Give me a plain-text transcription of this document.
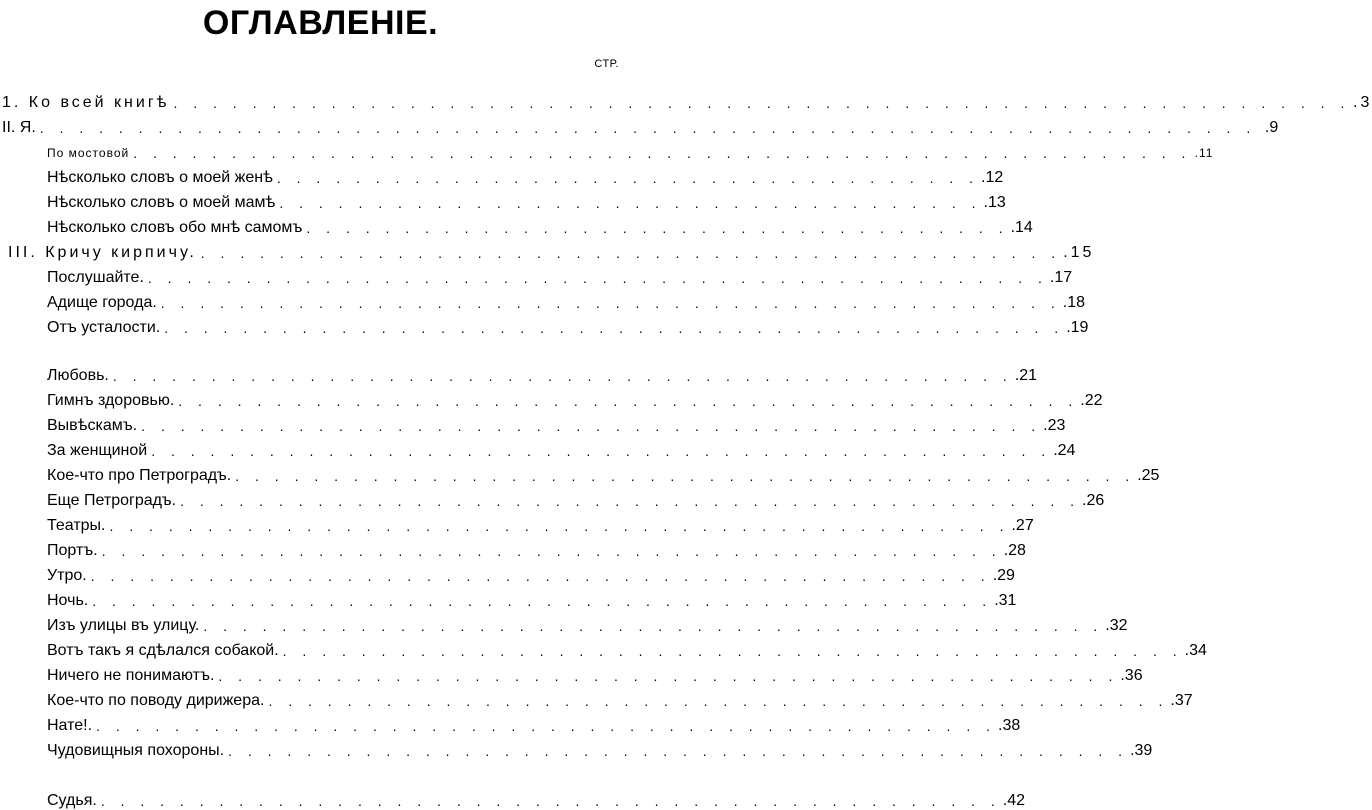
ОГЛАВЛЕНІЕ.
СТР.
1. Ко всей книгѣ . . . . . . . . . . . . . . . . . . . . . . . . . . . . . . . . . . . . . . . . . . . . . . . . . . . . . . . . . . . . .3
II. Я. . . . . . . . . . . . . . . . . . . . . . . . . . . . . . . . . . . . . . . . . . . . . . . . . . . . . . . . . . . . . . . .9
По мостовой . . . . . . . . . . . . . . . . . . . . . . . . . . . . . . . . . . . . . . . . . . . . . . . . . . . . . . .11
Нѣсколько словъ о моей женѣ . . . . . . . . . . . . . . . . . . . . . . . . . . . . . . . . . . . . .12
Нѣсколько словъ о моей мамѣ . . . . . . . . . . . . . . . . . . . . . . . . . . . . . . . . . . . . .13
Нѣсколько словъ обо мнѣ самомъ . . . . . . . . . . . . . . . . . . . . . . . . . . . . . . . . . . . . .14
III. Кричу кирпичу. . . . . . . . . . . . . . . . . . . . . . . . . . . . . . . . . . . . . . . . . . . . . .15
Послушайте. . . . . . . . . . . . . . . . . . . . . . . . . . . . . . . . . . . . . . . . . . . . . . . .17
Адище города. . . . . . . . . . . . . . . . . . . . . . . . . . . . . . . . . . . . . . . . . . . . . . . .18
Отъ усталости. . . . . . . . . . . . . . . . . . . . . . . . . . . . . . . . . . . . . . . . . . . . . . . .19
Любовь. . . . . . . . . . . . . . . . . . . . . . . . . . . . . . . . . . . . . . . . . . . . . . . .21
Гимнъ здоровью. . . . . . . . . . . . . . . . . . . . . . . . . . . . . . . . . . . . . . . . . . . . . . . .22
Вывѣскамъ. . . . . . . . . . . . . . . . . . . . . . . . . . . . . . . . . . . . . . . . . . . . . . . .23
За женщиной . . . . . . . . . . . . . . . . . . . . . . . . . . . . . . . . . . . . . . . . . . . . . . .24
Кое-что про Петроградъ. . . . . . . . . . . . . . . . . . . . . . . . . . . . . . . . . . . . . . . . . . . . . . . .25
Еще Петроградъ. . . . . . . . . . . . . . . . . . . . . . . . . . . . . . . . . . . . . . . . . . . . . . . .26
Театры. . . . . . . . . . . . . . . . . . . . . . . . . . . . . . . . . . . . . . . . . . . . . . . .27
Портъ. . . . . . . . . . . . . . . . . . . . . . . . . . . . . . . . . . . . . . . . . . . . . . . .28
Утро. . . . . . . . . . . . . . . . . . . . . . . . . . . . . . . . . . . . . . . . . . . . . . . .29
Ночь. . . . . . . . . . . . . . . . . . . . . . . . . . . . . . . . . . . . . . . . . . . . . . . .31
Изъ улицы въ улицу. . . . . . . . . . . . . . . . . . . . . . . . . . . . . . . . . . . . . . . . . . . . . . . .32
Вотъ такъ я сдѣлался собакой. . . . . . . . . . . . . . . . . . . . . . . . . . . . . . . . . . . . . . . . . . . . . . . .34
Ничего не понимаютъ. . . . . . . . . . . . . . . . . . . . . . . . . . . . . . . . . . . . . . . . . . . . . . . .36
Кое-что по поводу дирижера. . . . . . . . . . . . . . . . . . . . . . . . . . . . . . . . . . . . . . . . . . . . . . . .37
Нате!. . . . . . . . . . . . . . . . . . . . . . . . . . . . . . . . . . . . . . . . . . . . . . . .38
Чудовищныя похороны. . . . . . . . . . . . . . . . . . . . . . . . . . . . . . . . . . . . . . . . . . . . . . . .39
Судья. . . . . . . . . . . . . . . . . . . . . . . . . . . . . . . . . . . . . . . . . . . . . . . .42
